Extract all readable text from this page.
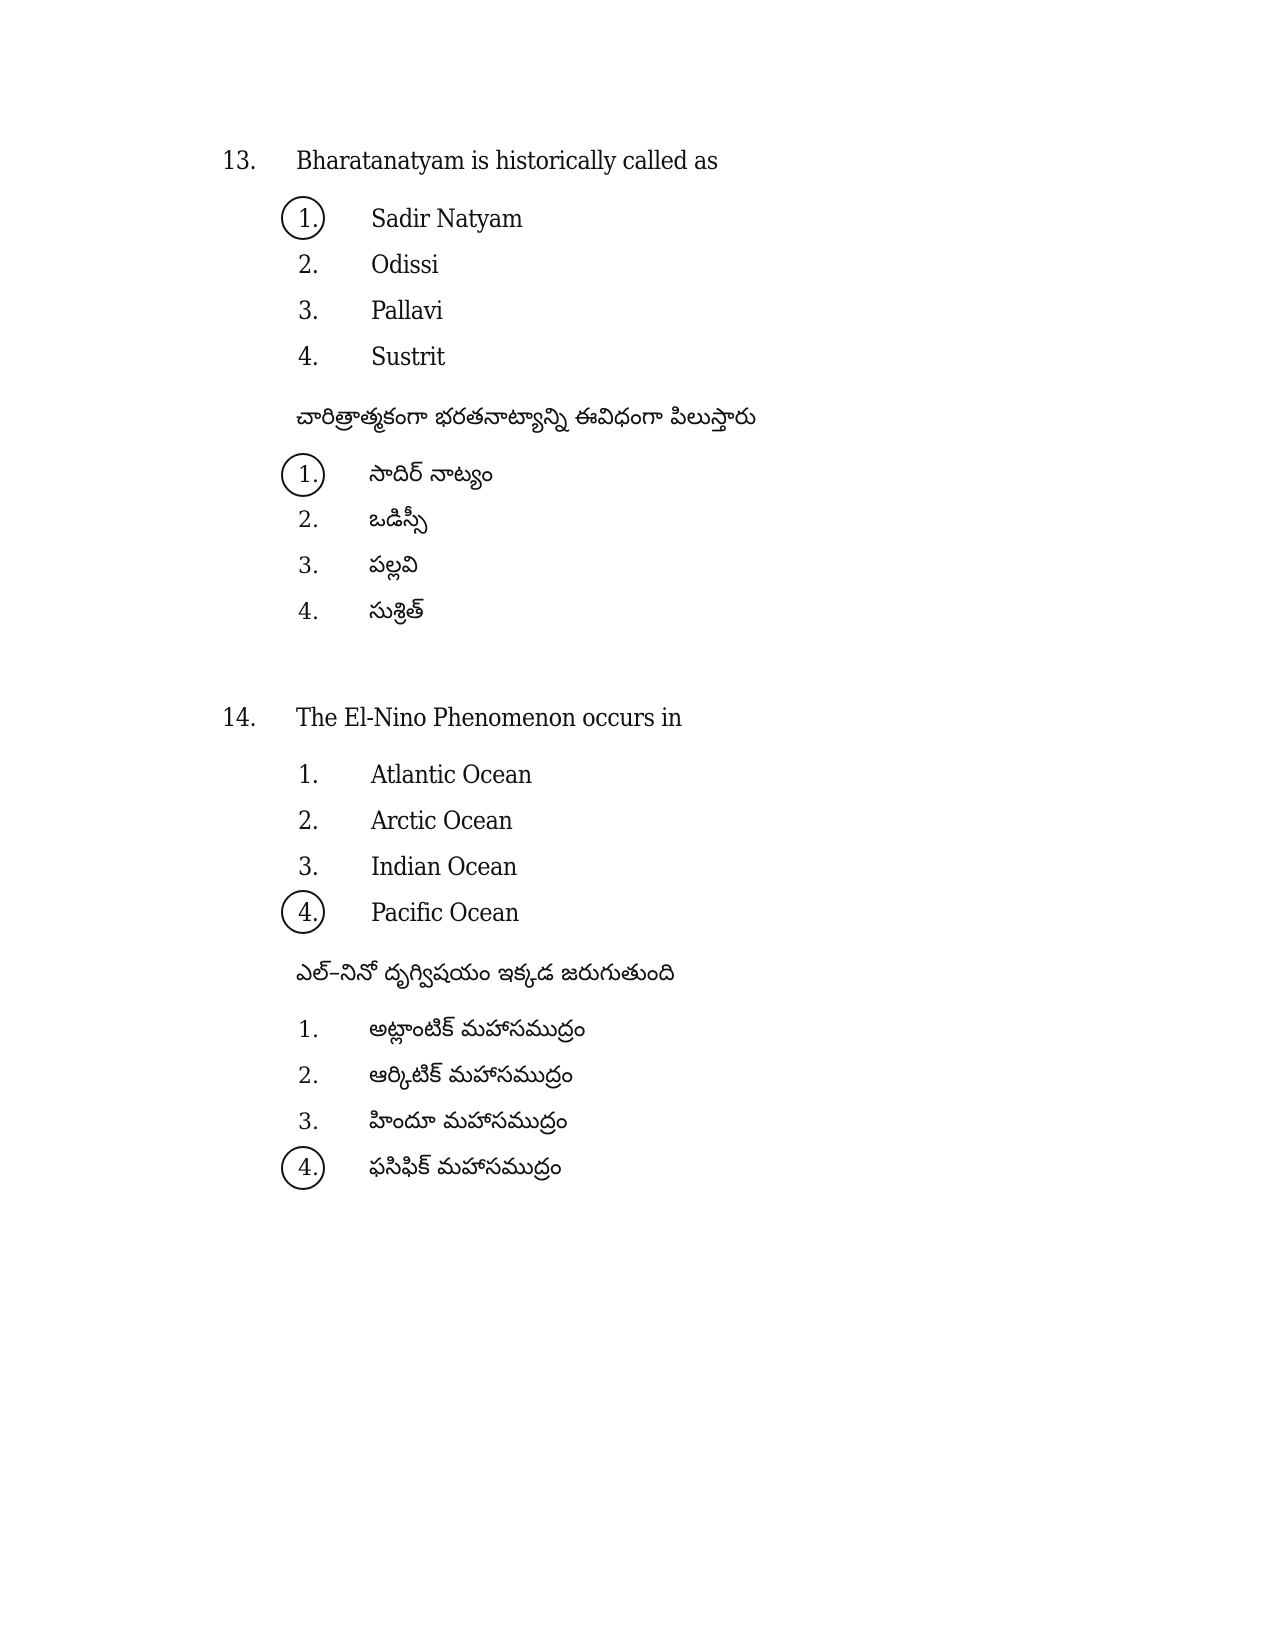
13. Bharatanatyam is historically called as
1. Sadir Natyam
2. Odissi
3. Pallavi
4. Sustrit
చారిత్రాత్మకంగా భరతనాట్యాన్ని ఈవిధంగా పిలుస్తారు
1. సాదిర్ నాట్యం
2. ఒడిస్సీ
3. పల్లవి
4. సుశ్రిత్
14. The El-Nino Phenomenon occurs in
1. Atlantic Ocean
2. Arctic Ocean
3. Indian Ocean
4. Pacific Ocean
ఎల్–నినో దృగ్విషయం ఇక్కడ జరుగుతుంది
1. అట్లాంటిక్ మహాసముద్రం
2. ఆర్కిటిక్ మహాసముద్రం
3. హిందూ మహాసముద్రం
4. ఫసిఫిక్ మహాసముద్రం
